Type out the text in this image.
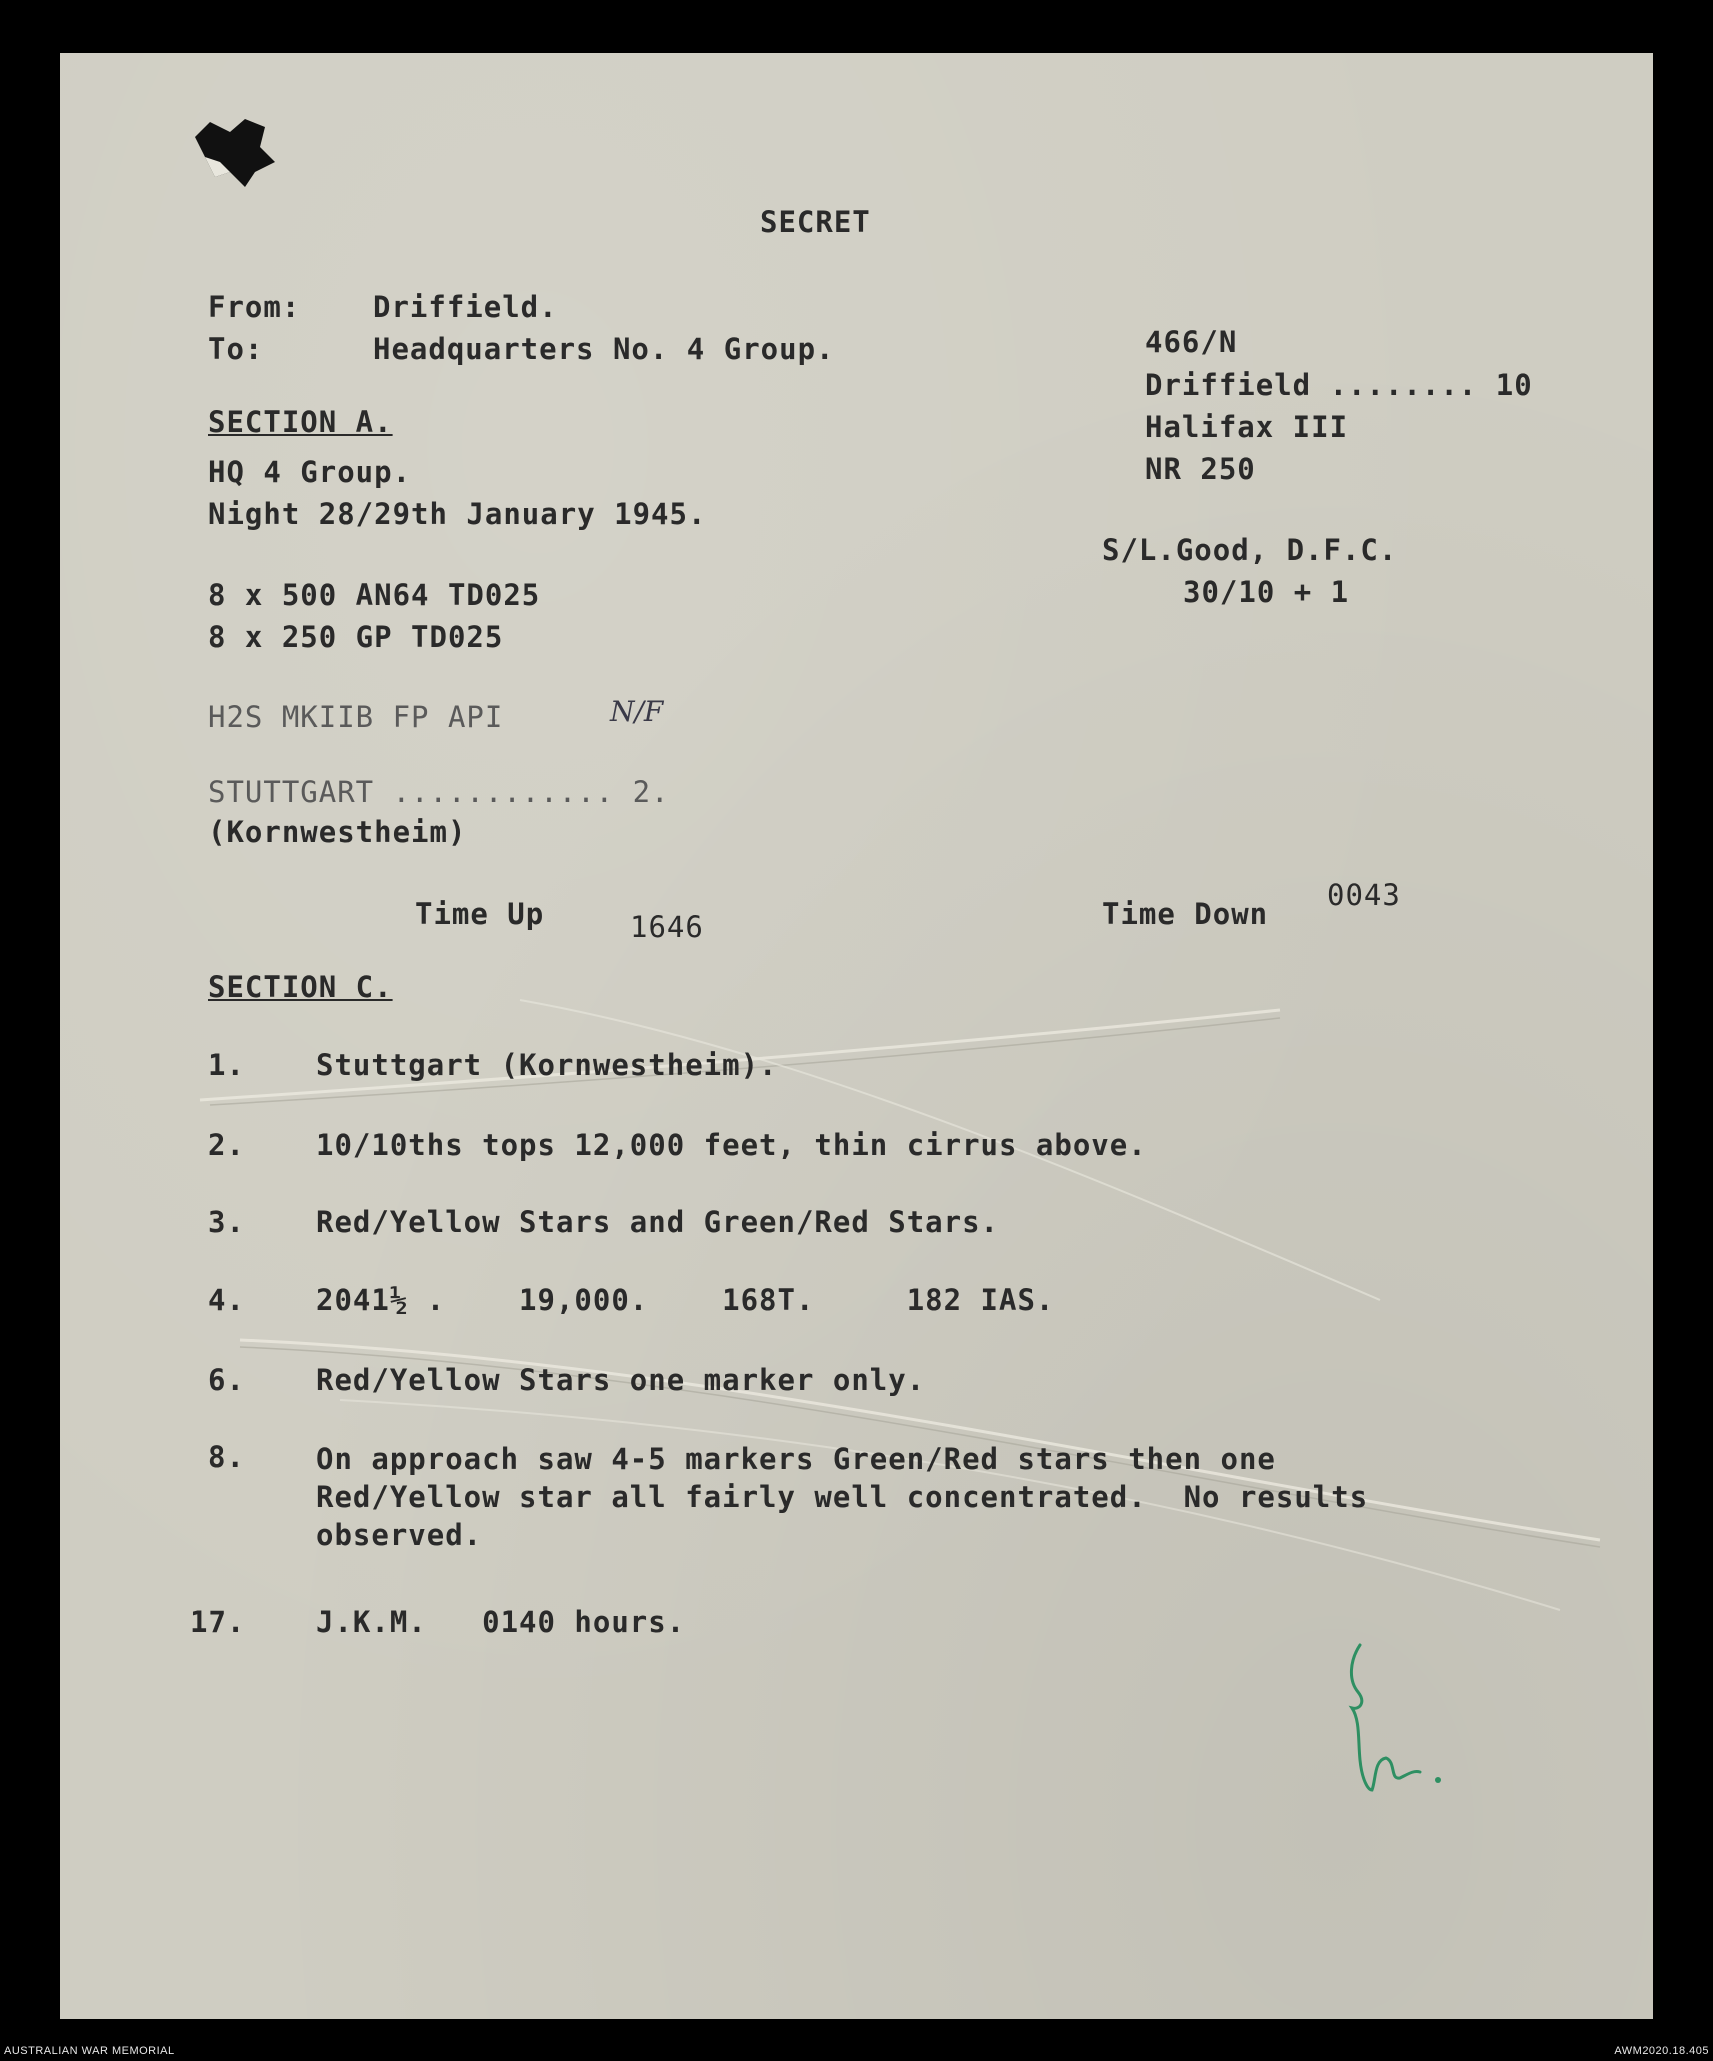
SECRET
From:	Driffield.
To:	Headquarters No. 4 Group.	466/N
Driffield ........ 10
Halifax III
NR 250
S/L.Good, D.F.C.
30/10 + 1
SECTION A.
HQ 4 Group.
Night 28/29th January 1945.
8 x 500 AN64 TD025
8 x 250 GP TD025
H2S MKIIB FP API	N/F
STUTTGART ............ 2.
(Kornwestheim)
Time Up	1646	Time Down
0043
SECTION C.
1. Stuttgart (Kornwestheim).
2. 10/10ths tops 12,000 feet, thin cirrus above.
3. Red/Yellow Stars and Green/Red Stars.
4. 2041½ .    19,000.    168T.     182 IAS.
6. Red/Yellow Stars one marker only.
8. On approach saw 4-5 markers Green/Red stars then one
Red/Yellow star all fairly well concentrated.  No results
observed.
17. J.K.M.   0140 hours.
AUSTRALIAN WAR MEMORIAL	AWM2020.18.405
